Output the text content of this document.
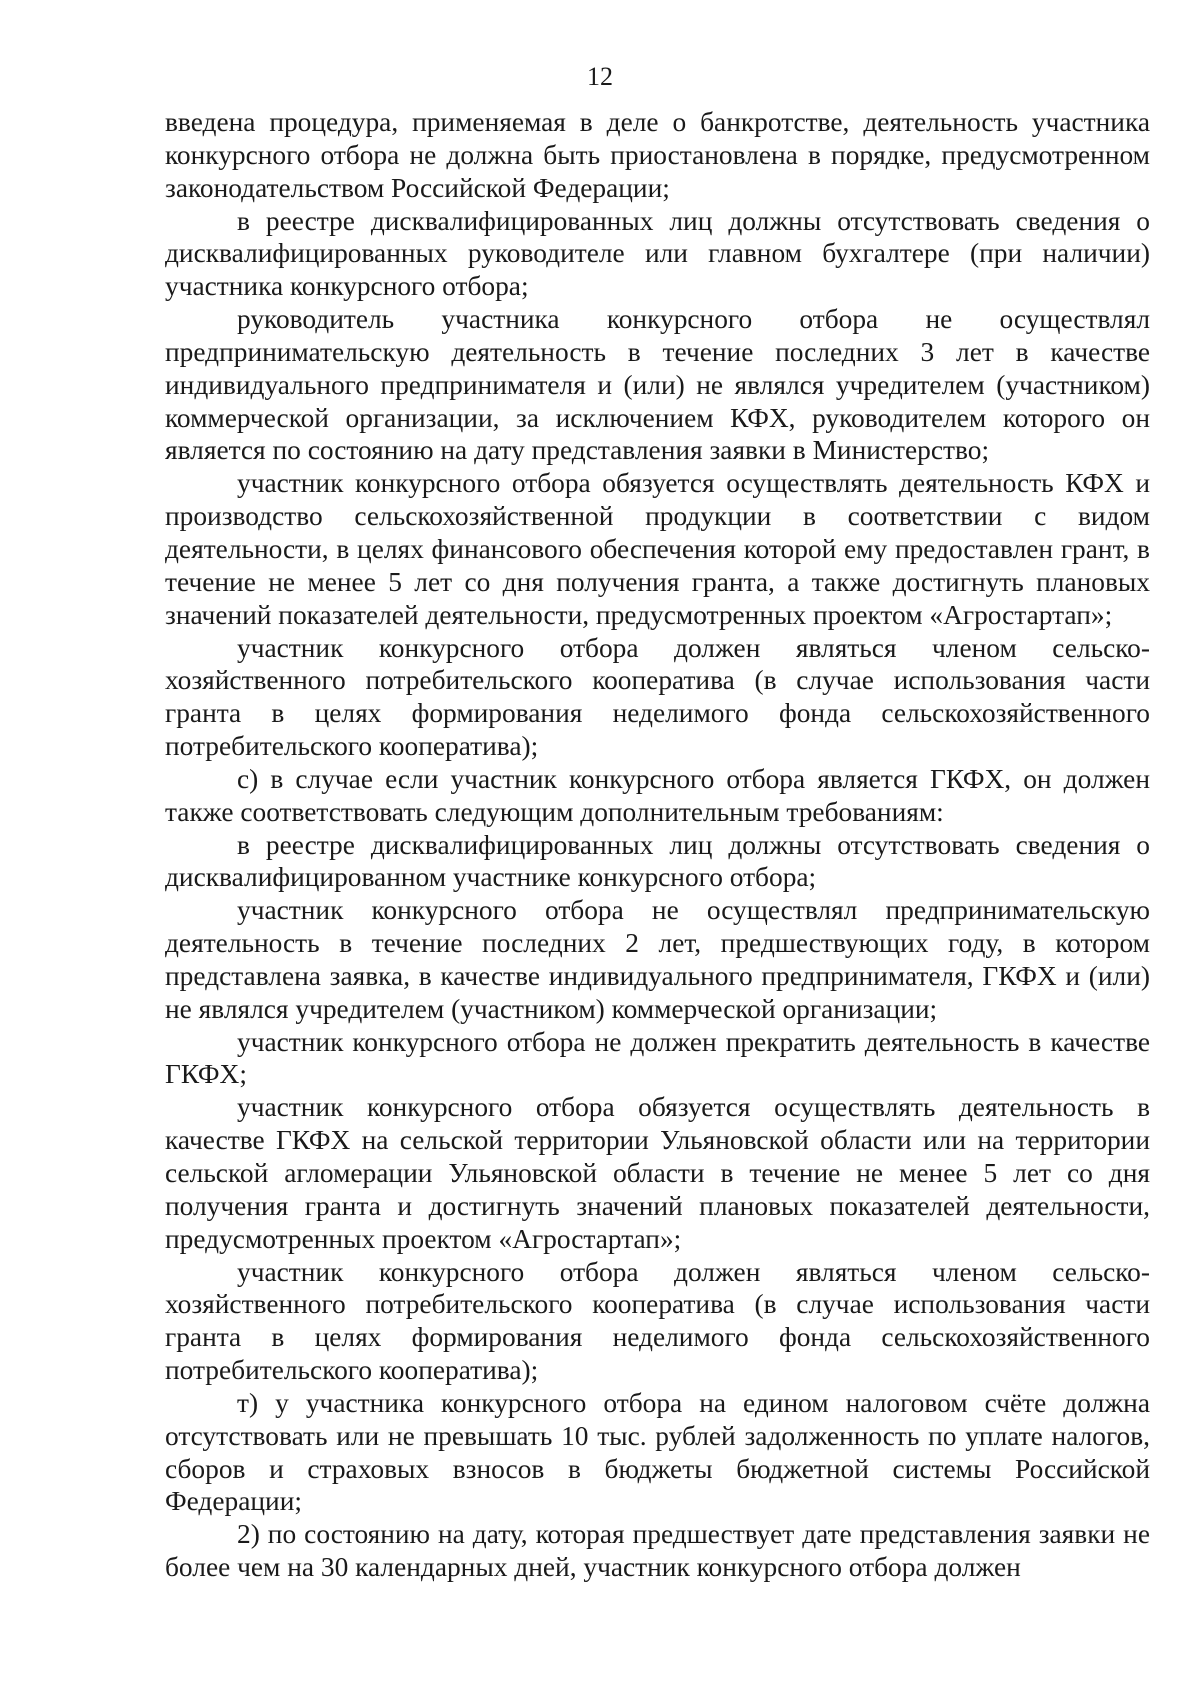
12

введена процедура, применяемая в деле о банкротстве, деятельность участника конкурсного отбора не должна быть приостановлена в порядке, предусмотренном законодательством Российской Федерации;

в реестре дисквалифицированных лиц должны отсутствовать сведения о дисквалифицированных руководителе или главном бухгалтере (при наличии) участника конкурсного отбора;

руководитель участника конкурсного отбора не осуществлял предпринимательскую деятельность в течение последних 3 лет в качестве индивидуального предпринимателя и (или) не являлся учредителем (участником) коммерческой организации, за исключением КФХ, руководителем которого он является по состоянию на дату представления заявки в Министерство;

участник конкурсного отбора обязуется осуществлять деятельность КФХ и производство сельскохозяйственной продукции в соответствии с видом деятельности, в целях финансового обеспечения которой ему предоставлен грант, в течение не менее 5 лет со дня получения гранта, а также достигнуть плановых значений показателей деятельности, предусмотренных проектом «Агростартап»;

участник конкурсного отбора должен являться членом сельско-хозяйственного потребительского кооператива (в случае использования части гранта в целях формирования неделимого фонда сельскохозяйственного потребительского кооператива);

с) в случае если участник конкурсного отбора является ГКФХ, он должен также соответствовать следующим дополнительным требованиям:

в реестре дисквалифицированных лиц должны отсутствовать сведения о дисквалифицированном участнике конкурсного отбора;

участник конкурсного отбора не осуществлял предпринимательскую деятельность в течение последних 2 лет, предшествующих году, в котором представлена заявка, в качестве индивидуального предпринимателя, ГКФХ и (или) не являлся учредителем (участником) коммерческой организации;

участник конкурсного отбора не должен прекратить деятельность в качестве ГКФХ;

участник конкурсного отбора обязуется осуществлять деятельность в качестве ГКФХ на сельской территории Ульяновской области или на территории сельской агломерации Ульяновской области в течение не менее 5 лет со дня получения гранта и достигнуть значений плановых показателей деятельности, предусмотренных проектом «Агростартап»;

участник конкурсного отбора должен являться членом сельско-хозяйственного потребительского кооператива (в случае использования части гранта в целях формирования неделимого фонда сельскохозяйственного потребительского кооператива);

т) у участника конкурсного отбора на едином налоговом счёте должна отсутствовать или не превышать 10 тыс. рублей задолженность по уплате налогов, сборов и страховых взносов в бюджеты бюджетной системы Российской Федерации;

2) по состоянию на дату, которая предшествует дате представления заявки не более чем на 30 календарных дней, участник конкурсного отбора должен
